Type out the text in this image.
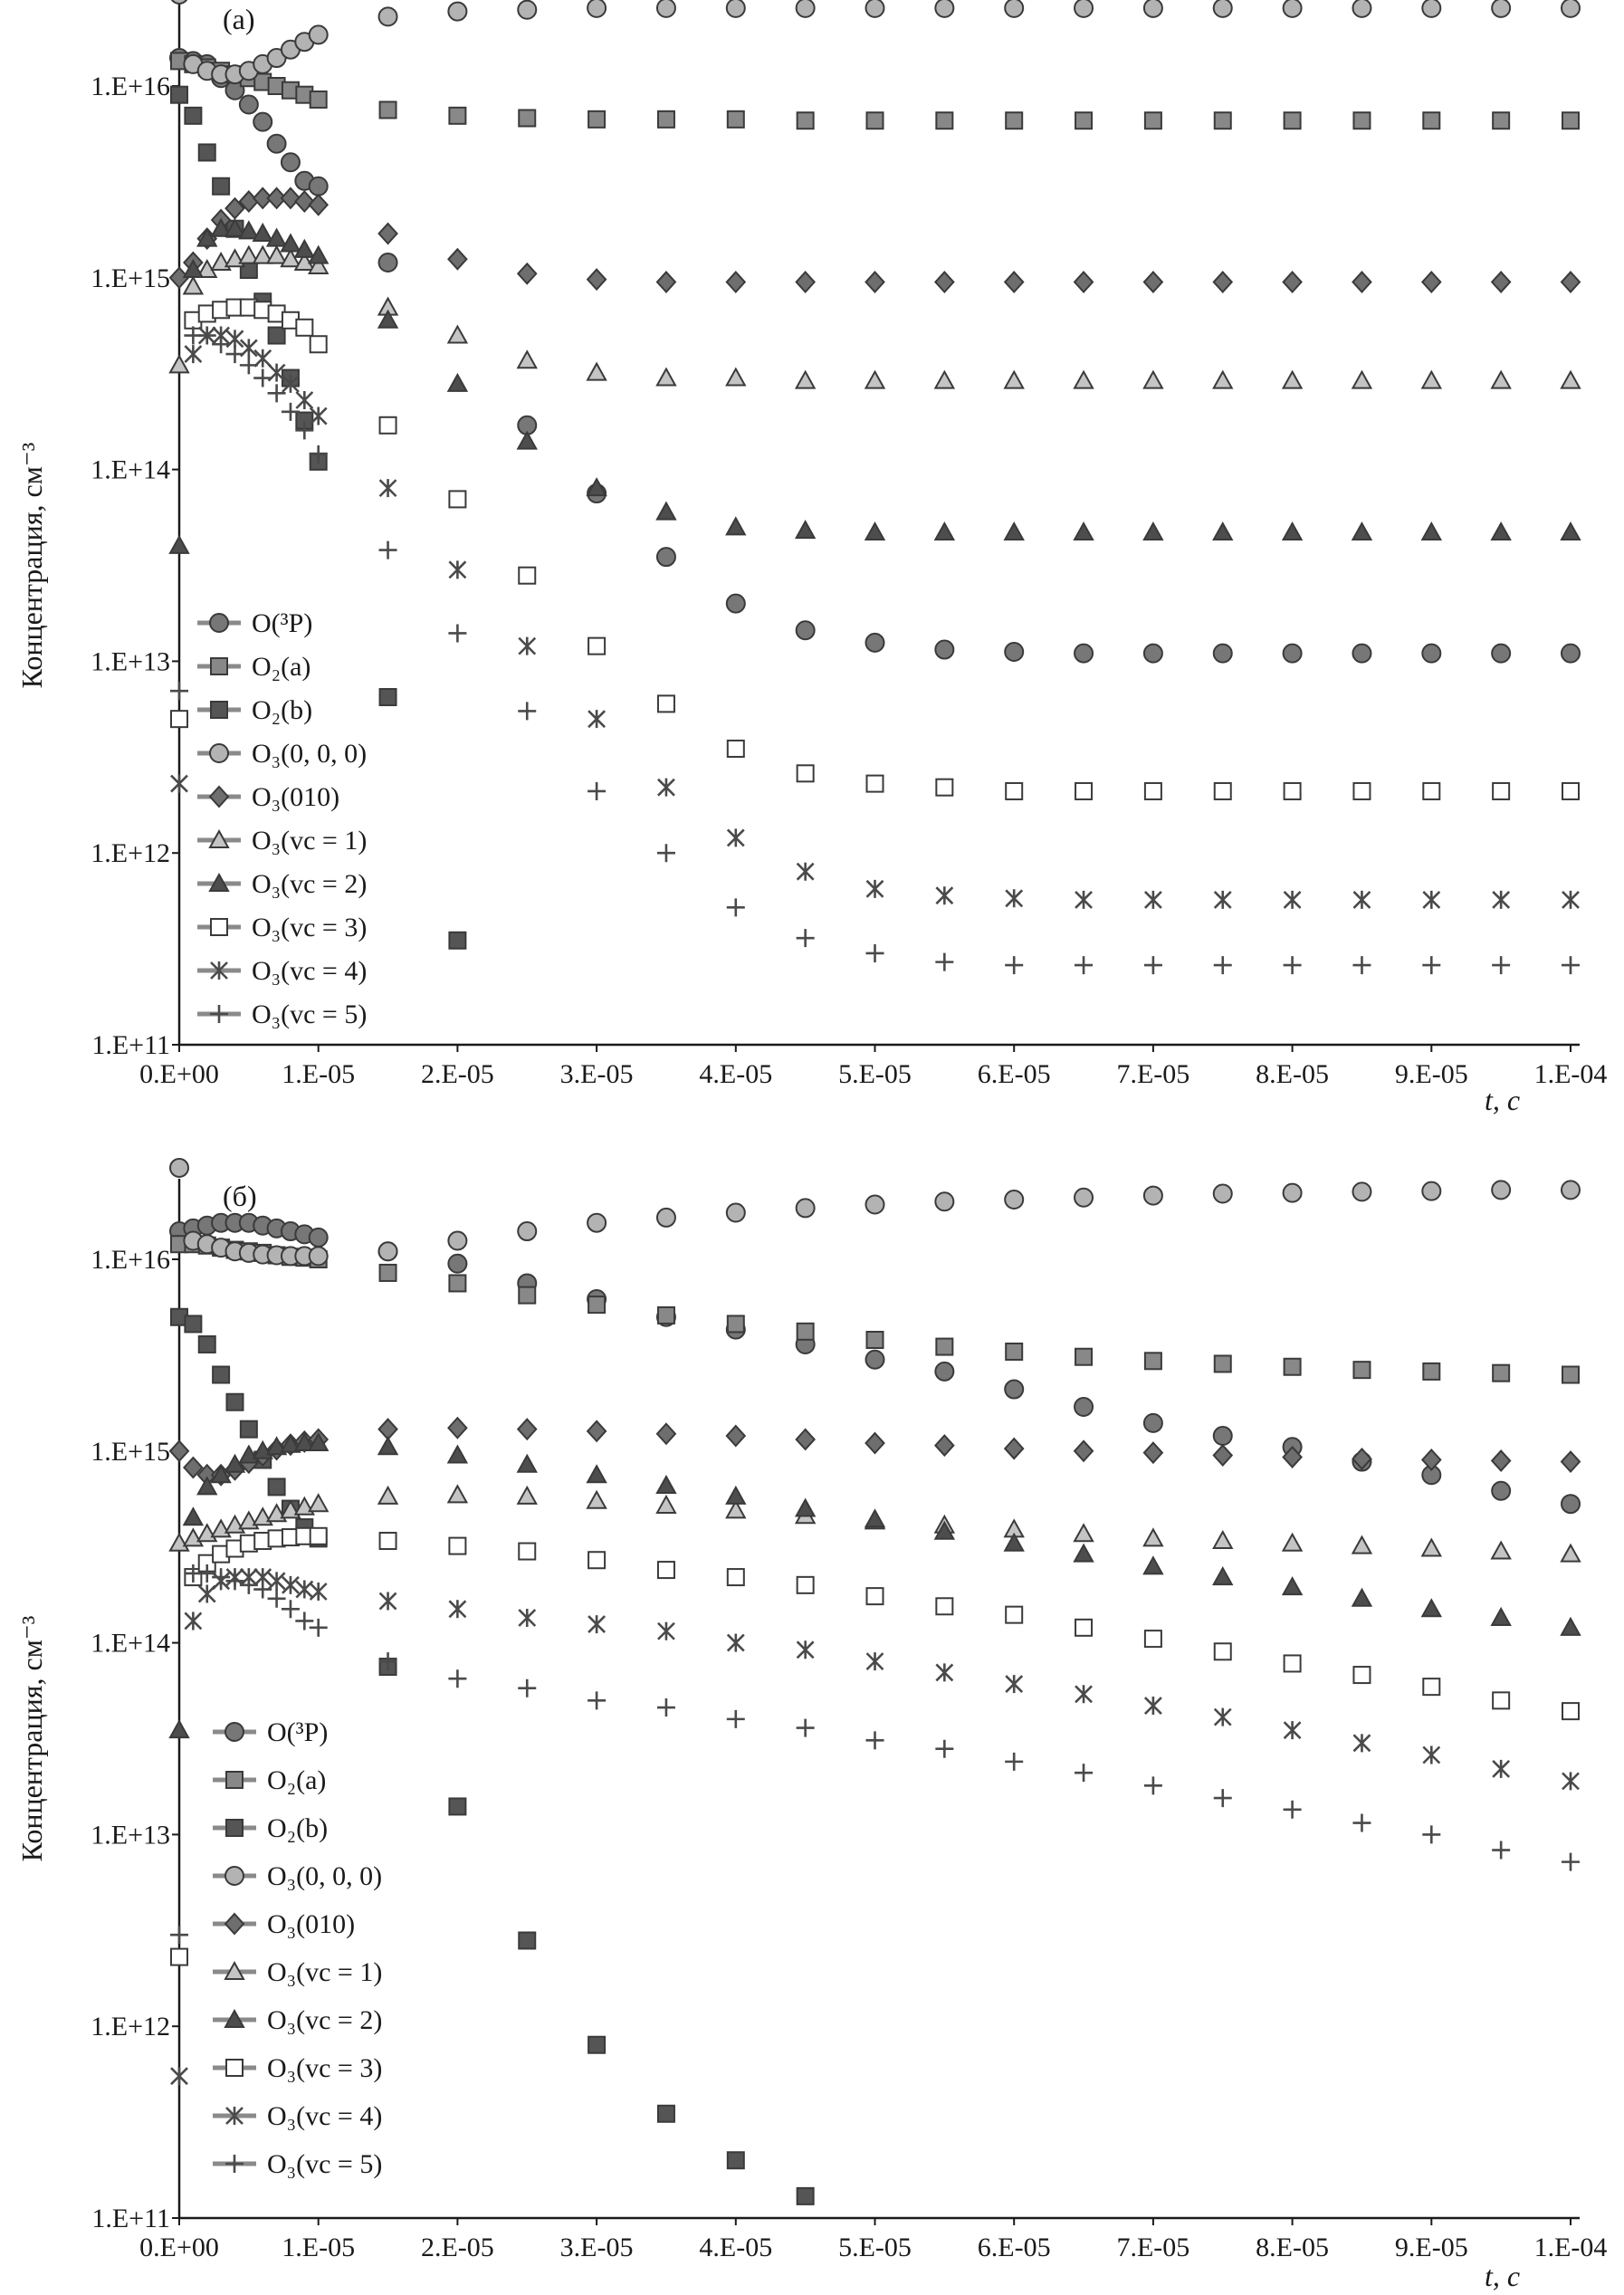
0.E+00 1.E-05 2.E-05 3.E-05 4.E-05 5.E-05 6.E-05 7.E-05 8.E-05 9.E-05 1.E-04
1.E+11
1.E+12
1.E+13
1.E+14
1.E+15
1.E+16
(а)
t, с
Концентрация, см⁻³	O(³P)
O₂(a)
O₂(b)
O₃(0, 0, 0)
O₃(010)
O₃(vc = 1)
O₃(vc = 2)
O₃(vc = 3)
O₃(vc = 4)
O₃(vc = 5)
0.E+00 1.E-05 2.E-05 3.E-05 4.E-05 5.E-05 6.E-05 7.E-05 8.E-05 9.E-05 1.E-04
1.E+11
1.E+12
1.E+13
1.E+14
1.E+15
1.E+16
(б)
t, с
Концентрация, см⁻³	O(³P)
O₂(a)
O₂(b)
O₃(0, 0, 0)
O₃(010)
O₃(vc = 1)
O₃(vc = 2)
O₃(vc = 3)
O₃(vc = 4)
O₃(vc = 5)
